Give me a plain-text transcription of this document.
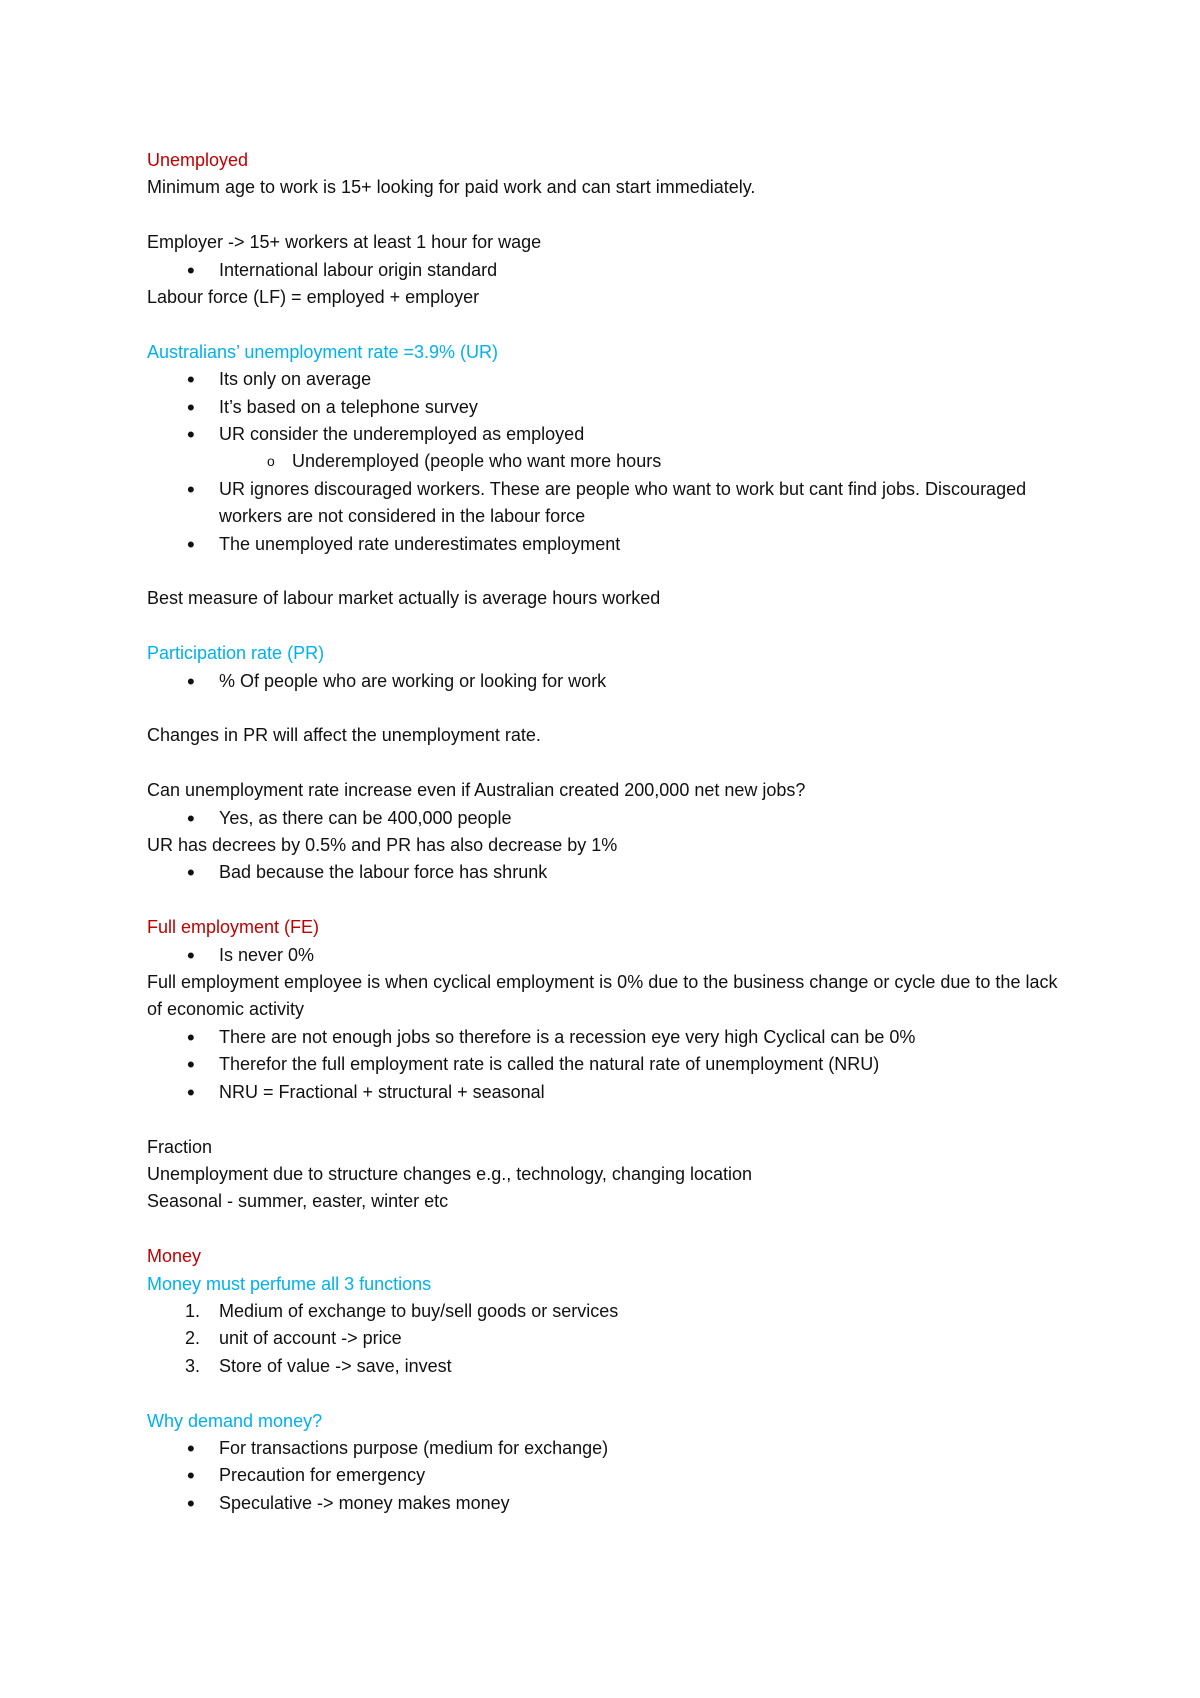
Unemployed
Minimum age to work is 15+ looking for paid work and can start immediately.
Employer -> 15+ workers at least 1 hour for wage
•	International labour origin standard
Labour force (LF) = employed + employer
Australians’ unemployment rate =3.9% (UR)
•	Its only on average
•	It’s based on a telephone survey
•	UR consider the underemployed as employed
o Underemployed (people who want more hours
•	UR ignores discouraged workers. These are people who want to work but cant find jobs. Discouraged workers are not considered in the labour force
•	The unemployed rate underestimates employment
Best measure of labour market actually is average hours worked
Participation rate (PR)
•	% Of people who are working or looking for work
Changes in PR will affect the unemployment rate.
Can unemployment rate increase even if Australian created 200,000 net new jobs?
•	Yes, as there can be 400,000 people
UR has decrees by 0.5% and PR has also decrease by 1%
•	Bad because the labour force has shrunk
Full employment (FE)
•	Is never 0%
Full employment employee is when cyclical employment is 0% due to the business change or cycle due to the lack of economic activity
•	There are not enough jobs so therefore is a recession eye very high Cyclical can be 0%
•	Therefor the full employment rate is called the natural rate of unemployment (NRU)
•	NRU = Fractional + structural + seasonal
Fraction
Unemployment due to structure changes e.g., technology, changing location
Seasonal - summer, easter, winter etc
Money
Money must perfume all 3 functions
1. Medium of exchange to buy/sell goods or services
2. unit of account -> price
3. Store of value -> save, invest
Why demand money?
•	For transactions purpose (medium for exchange)
•	Precaution for emergency
•	Speculative -> money makes money
